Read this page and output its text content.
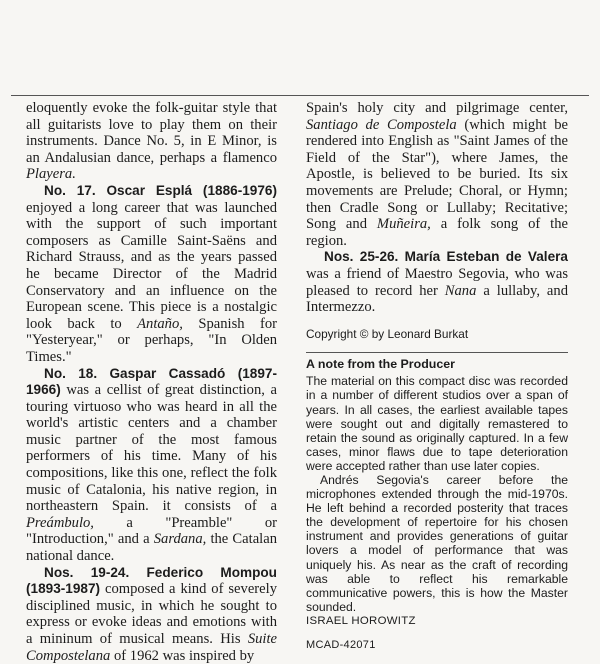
eloquently evoke the folk-guitar style that all guitarists love to play them on their instruments. Dance No. 5, in E Minor, is an Andalusian dance, perhaps a flamenco Playera.

No. 17. Oscar Esplá (1886-1976) enjoyed a long career that was launched with the support of such important composers as Camille Saint-Saëns and Richard Strauss, and as the years passed he became Director of the Madrid Conservatory and an influence on the European scene. This piece is a nostalgic look back to Antaño, Spanish for "Yesteryear," or perhaps, "In Olden Times."

No. 18. Gaspar Cassadó (1897-1966) was a cellist of great distinction, a touring virtuoso who was heard in all the world's artistic centers and a chamber music partner of the most famous performers of his time. Many of his compositions, like this one, reflect the folk music of Catalonia, his native region, in northeastern Spain. it consists of a Preámbulo, a "Preamble" or "Introduction," and a Sardana, the Catalan national dance.

Nos. 19-24. Federico Mompou (1893-1987) composed a kind of severely disciplined music, in which he sought to express or evoke ideas and emotions with a mininum of musical means. His Suite Compostelana of 1962 was inspired by

Spain's holy city and pilgrimage center, Santiago de Compostela (which might be rendered into English as "Saint James of the Field of the Star"), where James, the Apostle, is believed to be buried. Its six movements are Prelude; Choral, or Hymn; then Cradle Song or Lullaby; Recitative; Song and Muñeira, a folk song of the region.

Nos. 25-26. María Esteban de Valera was a friend of Maestro Segovia, who was pleased to record her Nana a lullaby, and Intermezzo.

Copyright © by Leonard Burkat

A note from the Producer

The material on this compact disc was recorded in a number of different studios over a span of years. In all cases, the earliest available tapes were sought out and digitally remastered to retain the sound as originally captured. In a few cases, minor flaws due to tape deterioration were accepted rather than use later copies.

Andrés Segovia's career before the microphones extended through the mid-1970s. He left behind a recorded posterity that traces the development of repertoire for his chosen instrument and provides generations of guitar lovers a model of performance that was uniquely his. As near as the craft of recording was able to reflect his remarkable communicative powers, this is how the Master sounded.

ISRAEL HOROWITZ

MCAD-42071
